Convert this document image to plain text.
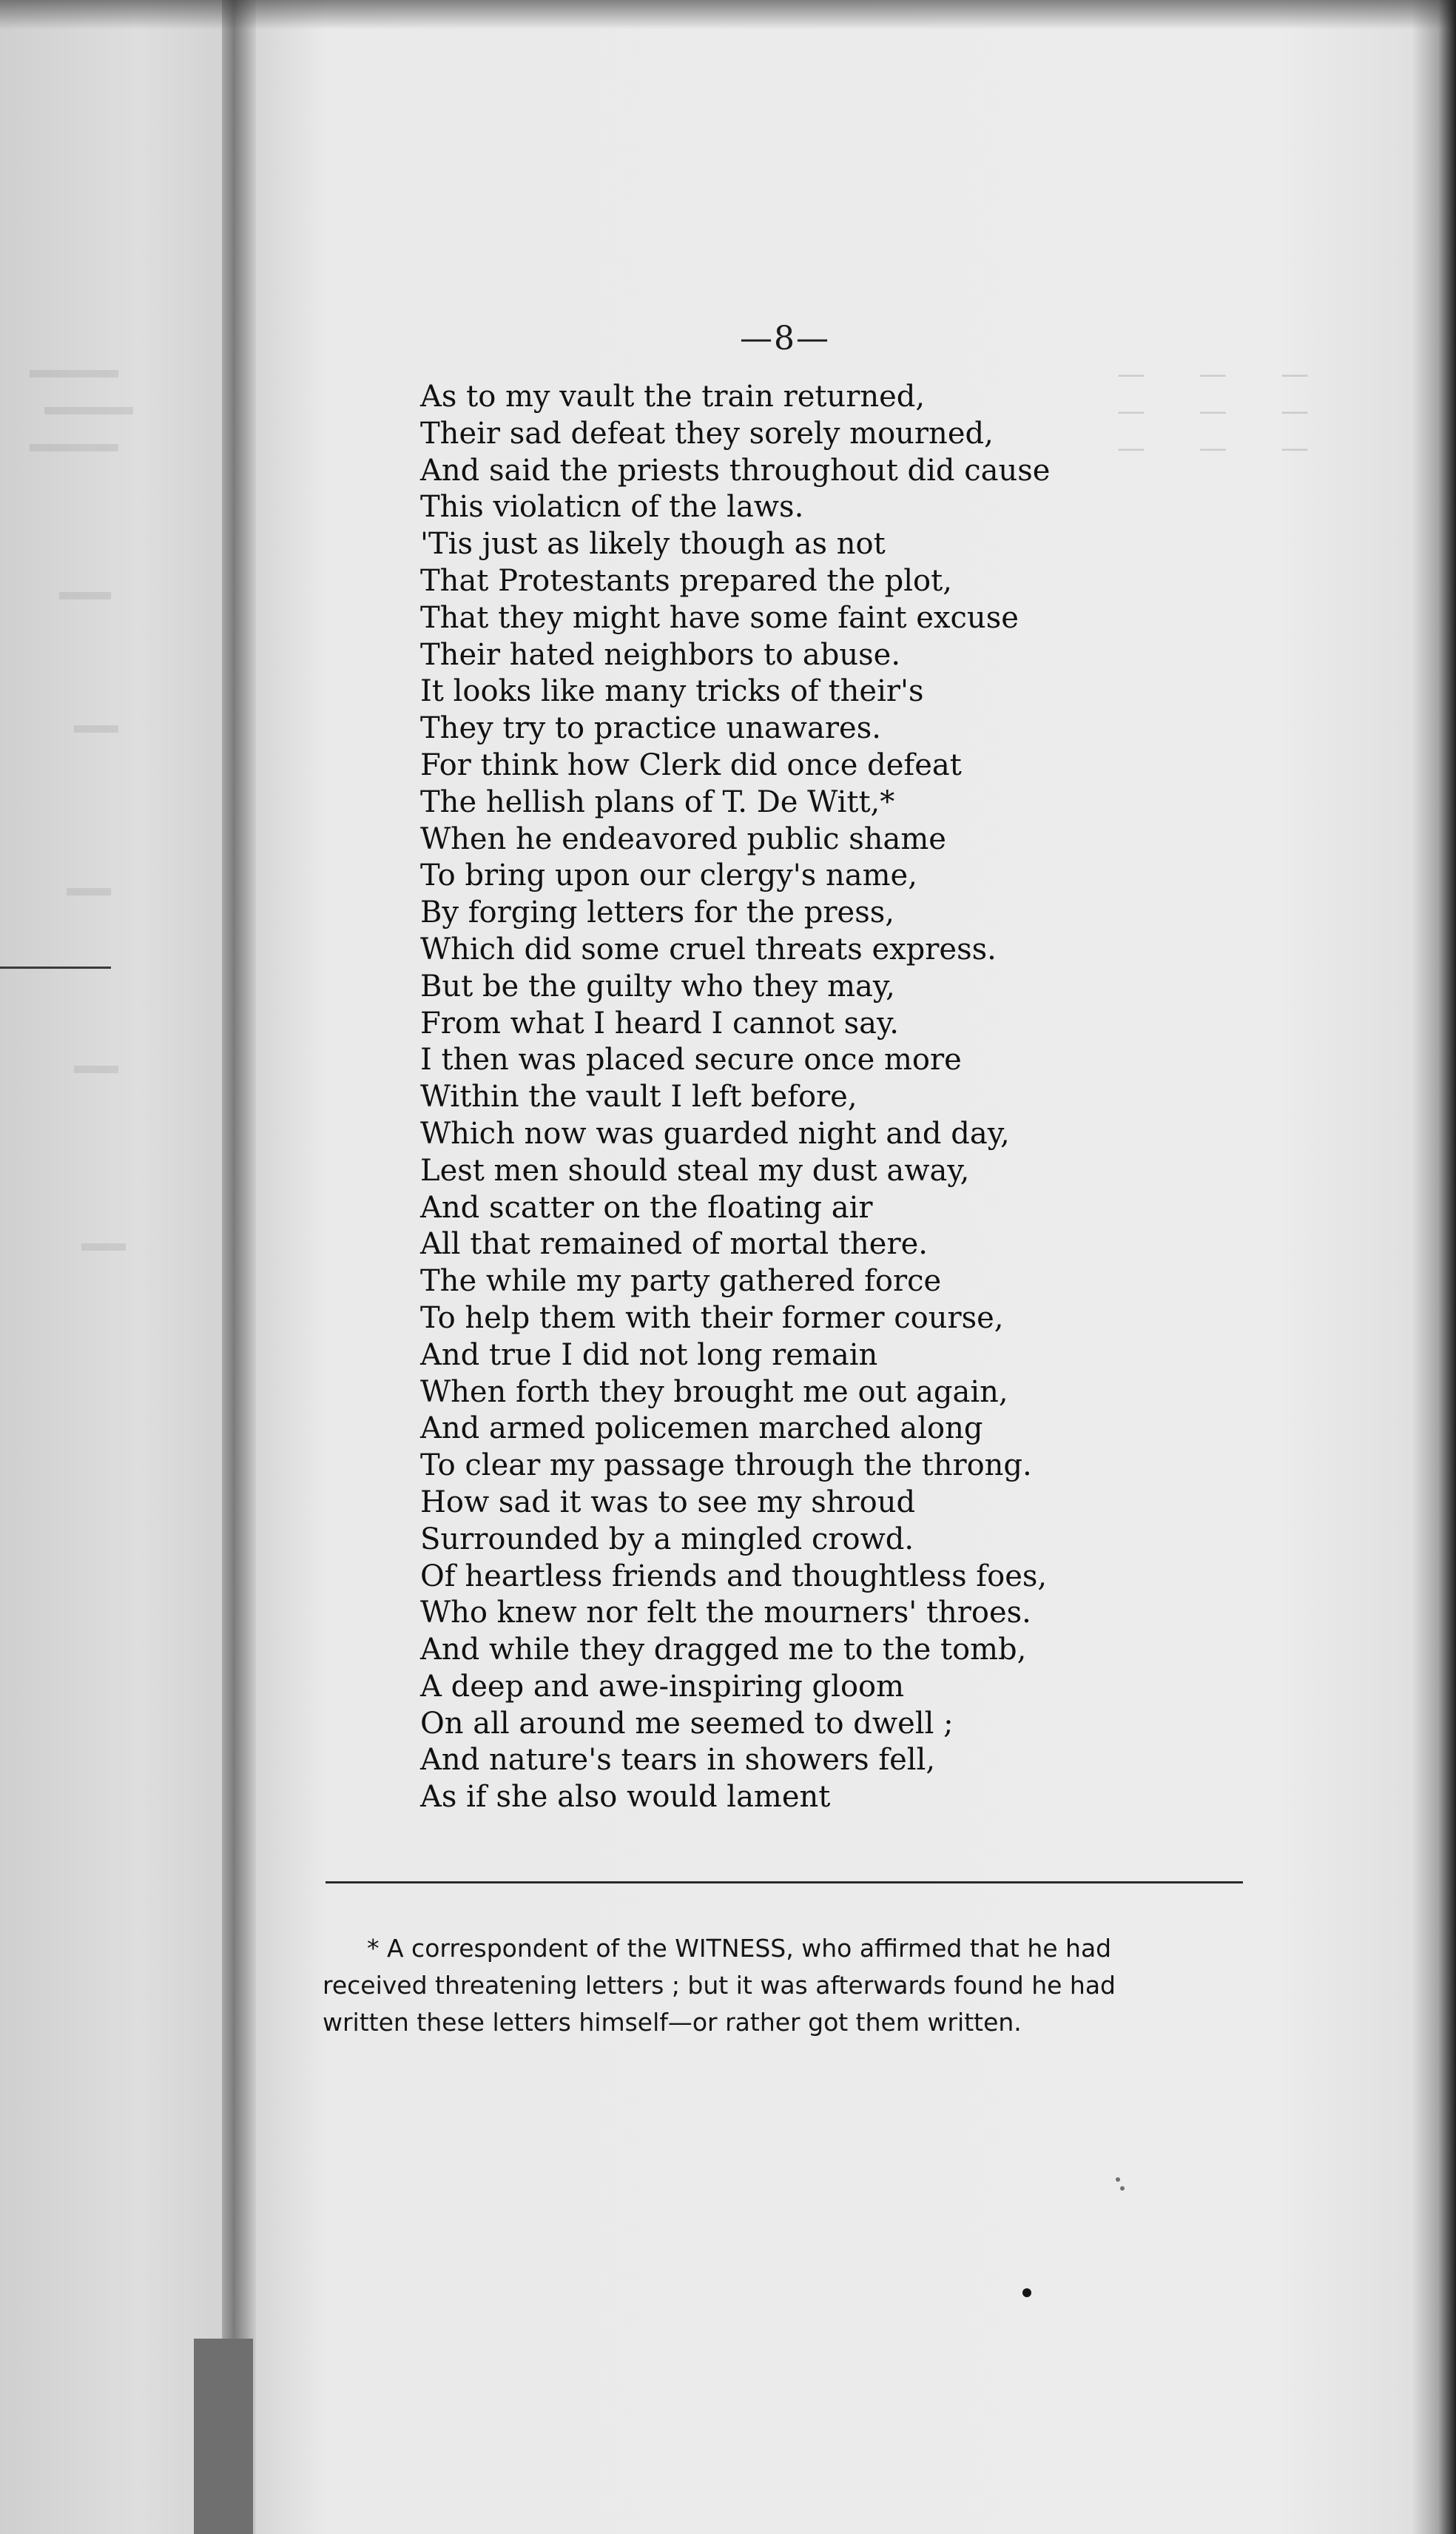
—      —      —
—      —      —
—      —      —
—8—
As to my vault the train returned,
Their sad defeat they sorely mourned,
And said the priests throughout did cause
This violaticn of the laws.
'Tis just as likely though as not
That Protestants prepared the plot,
That they might have some faint excuse
Their hated neighbors to abuse.
It looks like many tricks of their's
They try to practice unawares.
For think how Clerk did once defeat
The hellish plans of T. De Witt,*
When he endeavored public shame
To bring upon our clergy's name,
By forging letters for the press,
Which did some cruel threats express.
But be the guilty who they may,
From what I heard I cannot say.
I then was placed secure once more
Within the vault I left before,
Which now was guarded night and day,
Lest men should steal my dust away,
And scatter on the floating air
All that remained of mortal there.
The while my party gathered force
To help them with their former course,
And true I did not long remain
When forth they brought me out again,
And armed policemen marched along
To clear my passage through the throng.
How sad it was to see my shroud
Surrounded by a mingled crowd.
Of heartless friends and thoughtless foes,
Who knew nor felt the mourners' throes.
And while they dragged me to the tomb,
A deep and awe-inspiring gloom
On all around me seemed to dwell ;
And nature's tears in showers fell,
As if she also would lament
* A correspondent of the WITNESS, who affirmed that he had
received threatening letters ; but it was afterwards found he had
written these letters himself—or rather got them written.
